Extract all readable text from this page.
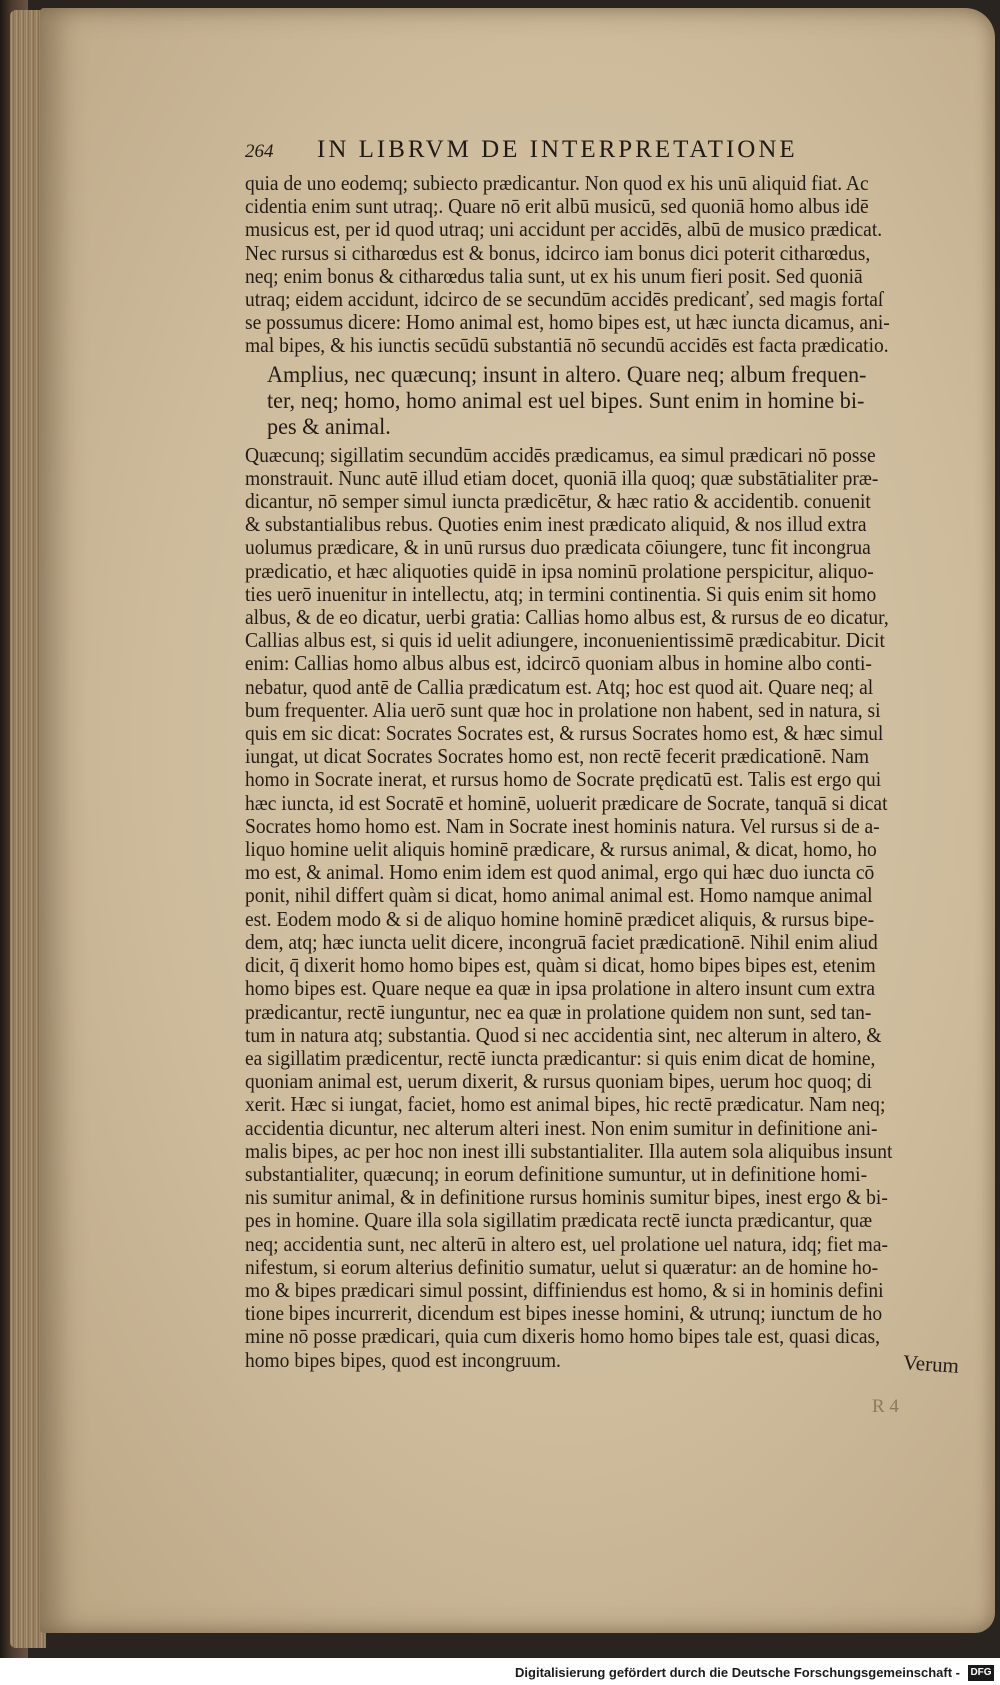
264	IN LIBRVM DE INTERPRETATIONE
quia de uno eodemq; subiecto prædicantur. Non quod ex his unū aliquid fiat. Ac
cidentia enim sunt utraq;. Quare nō erit albū musicū, sed quoniā homo albus idē
musicus est, per id quod utraq; uni accidunt per accidēs, albū de musico prædicat.
Nec rursus si citharœdus est & bonus, idcirco iam bonus dici poterit citharœdus,
neq; enim bonus & citharœdus talia sunt, ut ex his unum fieri posit. Sed quoniā
utraq; eidem accidunt, idcirco de se secundūm accidēs predicanť, sed magis fortaſ
se possumus dicere: Homo animal est, homo bipes est, ut hæc iuncta dicamus, ani-
mal bipes, & his iunctis secūdū substantiā nō secundū accidēs est facta prædicatio.
Amplius, nec quæcunq; insunt in altero. Quare neq; album frequen-
ter, neq; homo, homo animal est uel bipes. Sunt enim in homine bi-
pes & animal.
Quæcunq; sigillatim secundūm accidēs prædicamus, ea simul prædicari nō posse
monstrauit. Nunc autē illud etiam docet, quoniā illa quoq; quæ substātialiter præ-
dicantur, nō semper simul iuncta prædicētur, & hæc ratio & accidentib. conuenit
& substantialibus rebus. Quoties enim inest prædicato aliquid, & nos illud extra
uolumus prædicare, & in unū rursus duo prædicata cōiungere, tunc fit incongrua
prædicatio, et hæc aliquoties quidē in ipsa nominū prolatione perspicitur, aliquo-
ties uerō inuenitur in intellectu, atq; in termini continentia. Si quis enim sit homo
albus, & de eo dicatur, uerbi gratia: Callias homo albus est, & rursus de eo dicatur,
Callias albus est, si quis id uelit adiungere, inconuenientissimē prædicabitur. Dicit
enim: Callias homo albus albus est, idcircō quoniam albus in homine albo conti-
nebatur, quod antē de Callia prædicatum est. Atq; hoc est quod ait. Quare neq; al
bum frequenter. Alia uerō sunt quæ hoc in prolatione non habent, sed in natura, si
quis em sic dicat: Socrates Socrates est, & rursus Socrates homo est, & hæc simul
iungat, ut dicat Socrates Socrates homo est, non rectē fecerit prædicationē. Nam
homo in Socrate inerat, et rursus homo de Socrate prędicatū est. Talis est ergo qui
hæc iuncta, id est Socratē et hominē, uoluerit prædicare de Socrate, tanquā si dicat
Socrates homo homo est. Nam in Socrate inest hominis natura. Vel rursus si de a-
liquo homine uelit aliquis hominē prædicare, & rursus animal, & dicat, homo, ho
mo est, & animal. Homo enim idem est quod animal, ergo qui hæc duo iuncta cō
ponit, nihil differt quàm si dicat, homo animal animal est. Homo namque animal
est. Eodem modo & si de aliquo homine hominē prædicet aliquis, & rursus bipe-
dem, atq; hæc iuncta uelit dicere, incongruā faciet prædicationē. Nihil enim aliud
dicit, q̄ dixerit homo homo bipes est, quàm si dicat, homo bipes bipes est, etenim
homo bipes est. Quare neque ea quæ in ipsa prolatione in altero insunt cum extra
prædicantur, rectē iunguntur, nec ea quæ in prolatione quidem non sunt, sed tan-
tum in natura atq; substantia. Quod si nec accidentia sint, nec alterum in altero, &
ea sigillatim prædicentur, rectē iuncta prædicantur: si quis enim dicat de homine,
quoniam animal est, uerum dixerit, & rursus quoniam bipes, uerum hoc quoq; di
xerit. Hæc si iungat, faciet, homo est animal bipes, hic rectē prædicatur. Nam neq;
accidentia dicuntur, nec alterum alteri inest. Non enim sumitur in definitione ani-
malis bipes, ac per hoc non inest illi substantialiter. Illa autem sola aliquibus insunt
substantialiter, quæcunq; in eorum definitione sumuntur, ut in definitione homi-
nis sumitur animal, & in definitione rursus hominis sumitur bipes, inest ergo & bi-
pes in homine. Quare illa sola sigillatim prædicata rectē iuncta prædicantur, quæ
neq; accidentia sunt, nec alterū in altero est, uel prolatione uel natura, idq; fiet ma-
nifestum, si eorum alterius definitio sumatur, uelut si quæratur: an de homine ho-
mo & bipes prædicari simul possint, diffiniendus est homo, & si in hominis defini
tione bipes incurrerit, dicendum est bipes inesse homini, & utrunq; iunctum de ho
mine nō posse prædicari, quia cum dixeris homo homo bipes tale est, quasi dicas,
homo bipes bipes, quod est incongruum.	Verum
R 4
Digitalisierung gefördert durch die Deutsche Forschungsgemeinschaft - DFG
